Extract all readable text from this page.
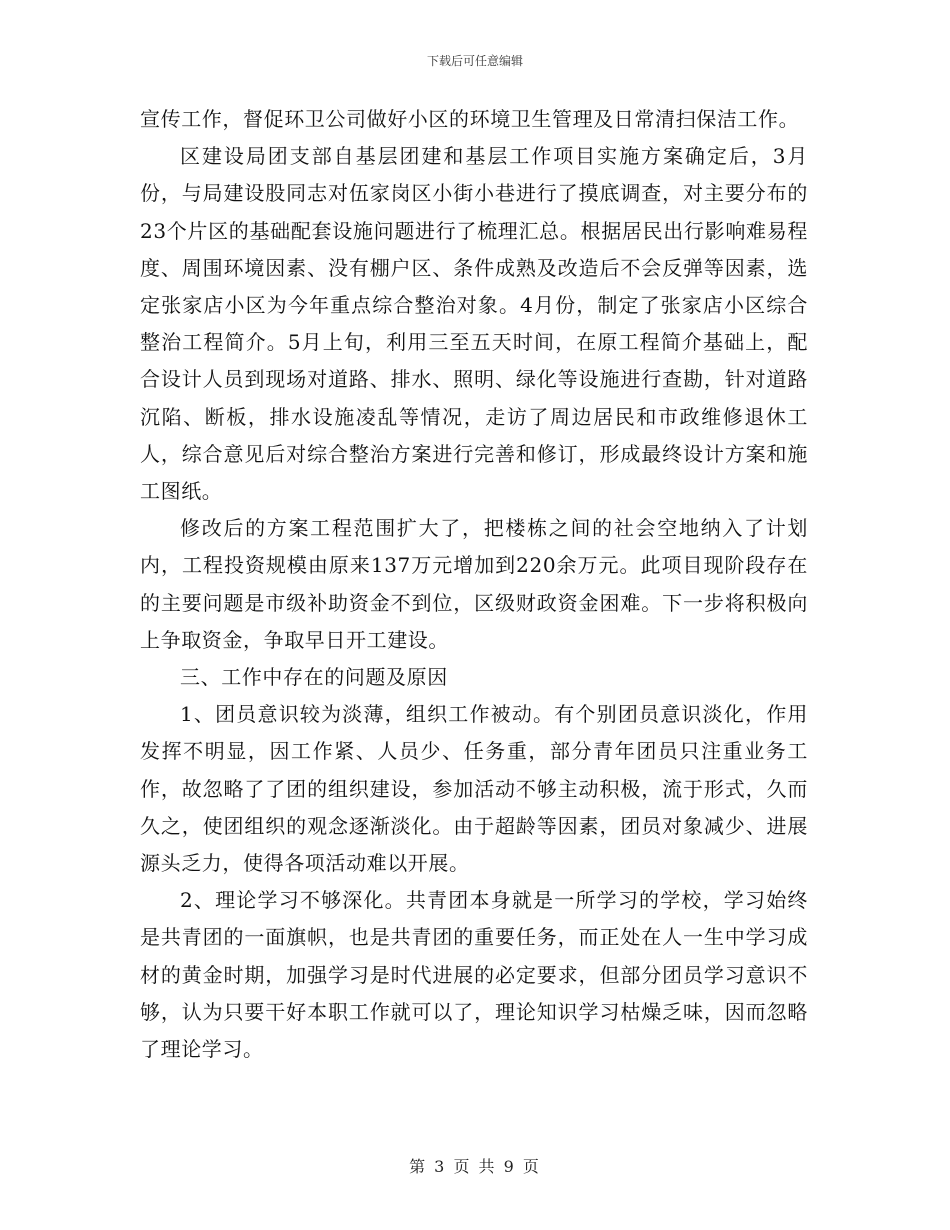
下载后可任意编辑

宣传工作，督促环卫公司做好小区的环境卫生管理及日常清扫保洁工作。

区建设局团支部自基层团建和基层工作项目实施方案确定后，3月份，与局建设股同志对伍家岗区小街小巷进行了摸底调查，对主要分布的23个片区的基础配套设施问题进行了梳理汇总。根据居民出行影响难易程度、周围环境因素、没有棚户区、条件成熟及改造后不会反弹等因素，选定张家店小区为今年重点综合整治对象。4月份，制定了张家店小区综合整治工程简介。5月上旬，利用三至五天时间，在原工程简介基础上，配合设计人员到现场对道路、排水、照明、绿化等设施进行查勘，针对道路沉陷、断板，排水设施凌乱等情况，走访了周边居民和市政维修退休工人，综合意见后对综合整治方案进行完善和修订，形成最终设计方案和施工图纸。

修改后的方案工程范围扩大了，把楼栋之间的社会空地纳入了计划内，工程投资规模由原来137万元增加到220余万元。此项目现阶段存在的主要问题是市级补助资金不到位，区级财政资金困难。下一步将积极向上争取资金，争取早日开工建设。

三、工作中存在的问题及原因

1、团员意识较为淡薄，组织工作被动。有个别团员意识淡化，作用发挥不明显，因工作紧、人员少、任务重，部分青年团员只注重业务工作，故忽略了了团的组织建设，参加活动不够主动积极，流于形式，久而久之，使团组织的观念逐渐淡化。由于超龄等因素，团员对象减少、进展源头乏力，使得各项活动难以开展。

2、理论学习不够深化。共青团本身就是一所学习的学校，学习始终是共青团的一面旗帜，也是共青团的重要任务，而正处在人一生中学习成材的黄金时期，加强学习是时代进展的必定要求，但部分团员学习意识不够，认为只要干好本职工作就可以了，理论知识学习枯燥乏味，因而忽略了理论学习。

第 3 页 共 9 页
